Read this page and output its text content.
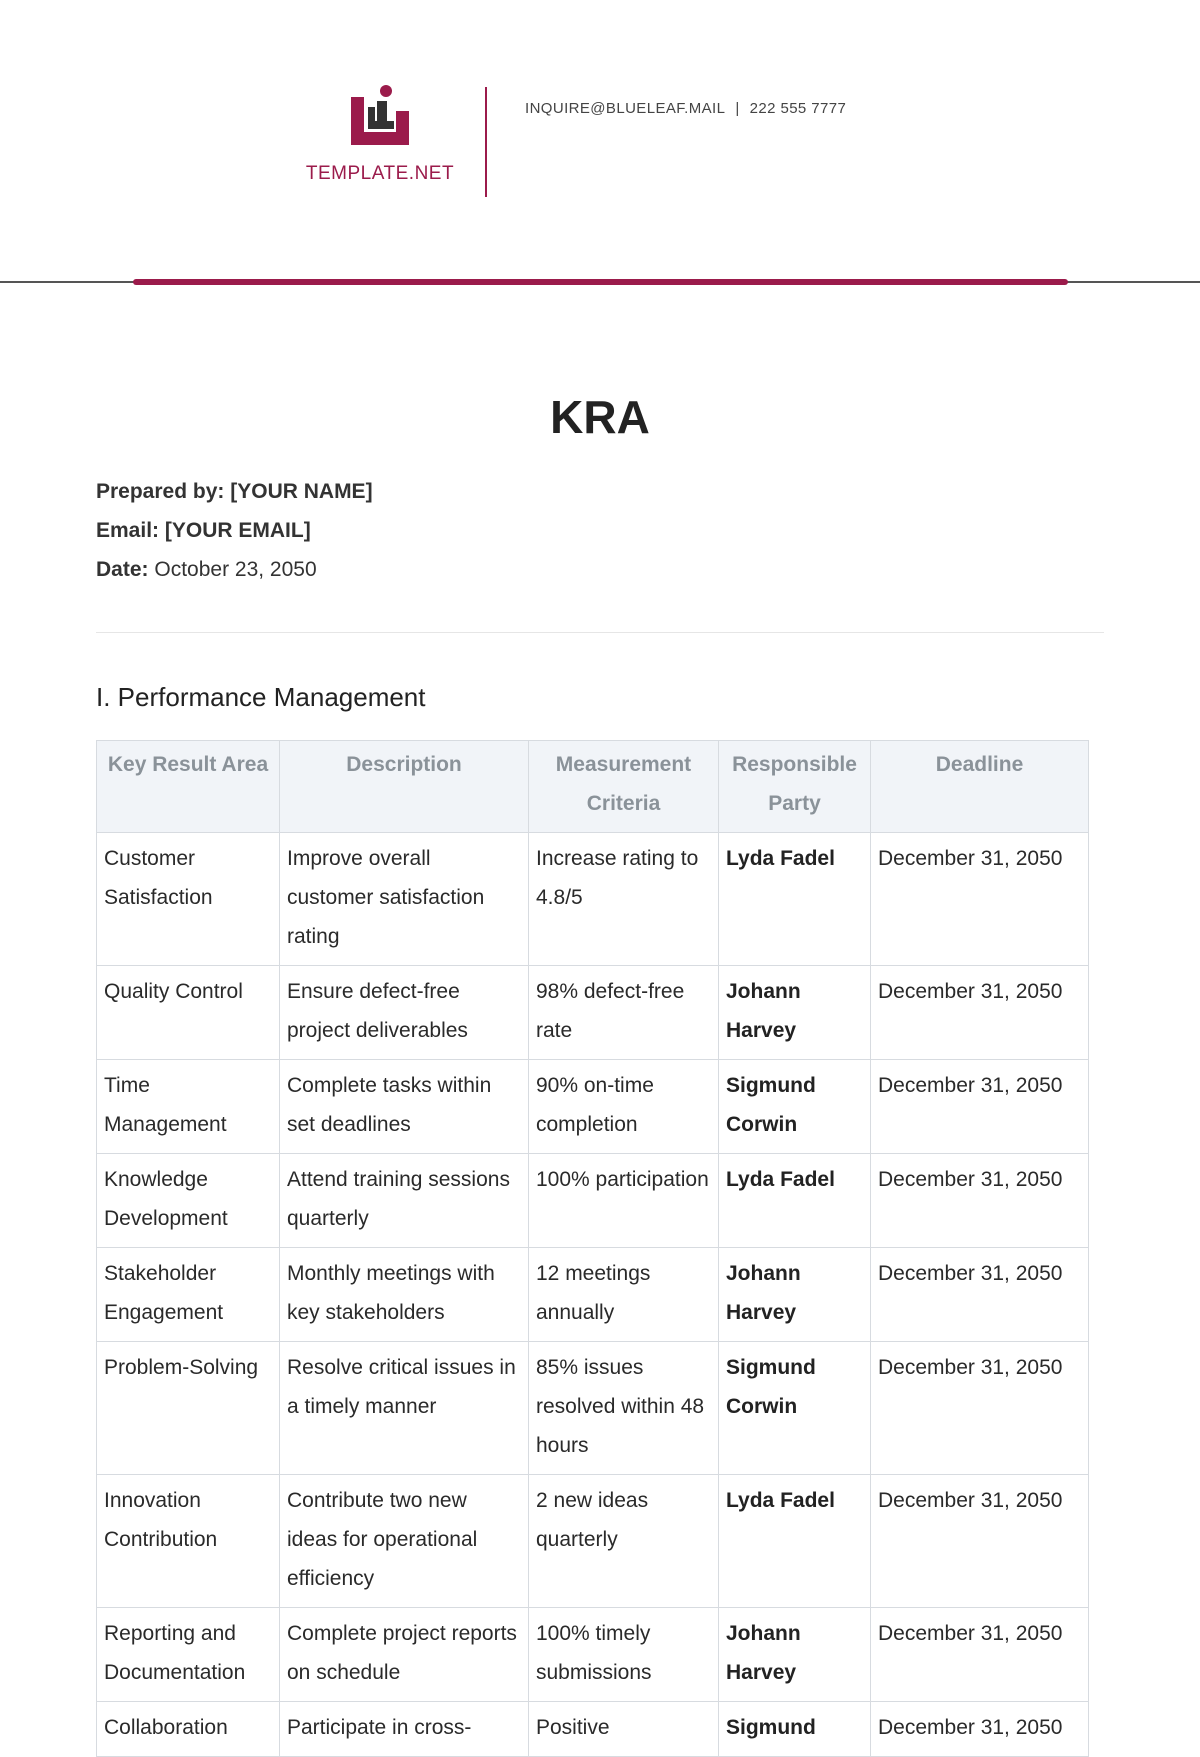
TEMPLATE.NET
INQUIRE@BLUELEAF.MAIL | 222 555 7777
KRA
Prepared by: [YOUR NAME]
Email: [YOUR EMAIL]
Date: October 23, 2050
I. Performance Management
Key Result Area	Description	Measurement Criteria	Responsible Party	Deadline
Customer Satisfaction	Improve overall customer satisfaction rating	Increase rating to 4.8/5	Lyda Fadel	December 31, 2050
Quality Control	Ensure defect-free project deliverables	98% defect-free rate	Johann Harvey	December 31, 2050
Time Management	Complete tasks within set deadlines	90% on-time completion	Sigmund Corwin	December 31, 2050
Knowledge Development	Attend training sessions quarterly	100% participation	Lyda Fadel	December 31, 2050
Stakeholder Engagement	Monthly meetings with key stakeholders	12 meetings annually	Johann Harvey	December 31, 2050
Problem-Solving	Resolve critical issues in a timely manner	85% issues resolved within 48 hours	Sigmund Corwin	December 31, 2050
Innovation Contribution	Contribute two new ideas for operational efficiency	2 new ideas quarterly	Lyda Fadel	December 31, 2050
Reporting and Documentation	Complete project reports on schedule	100% timely submissions	Johann Harvey	December 31, 2050
Collaboration	Participate in cross-	Positive	Sigmund	December 31, 2050
